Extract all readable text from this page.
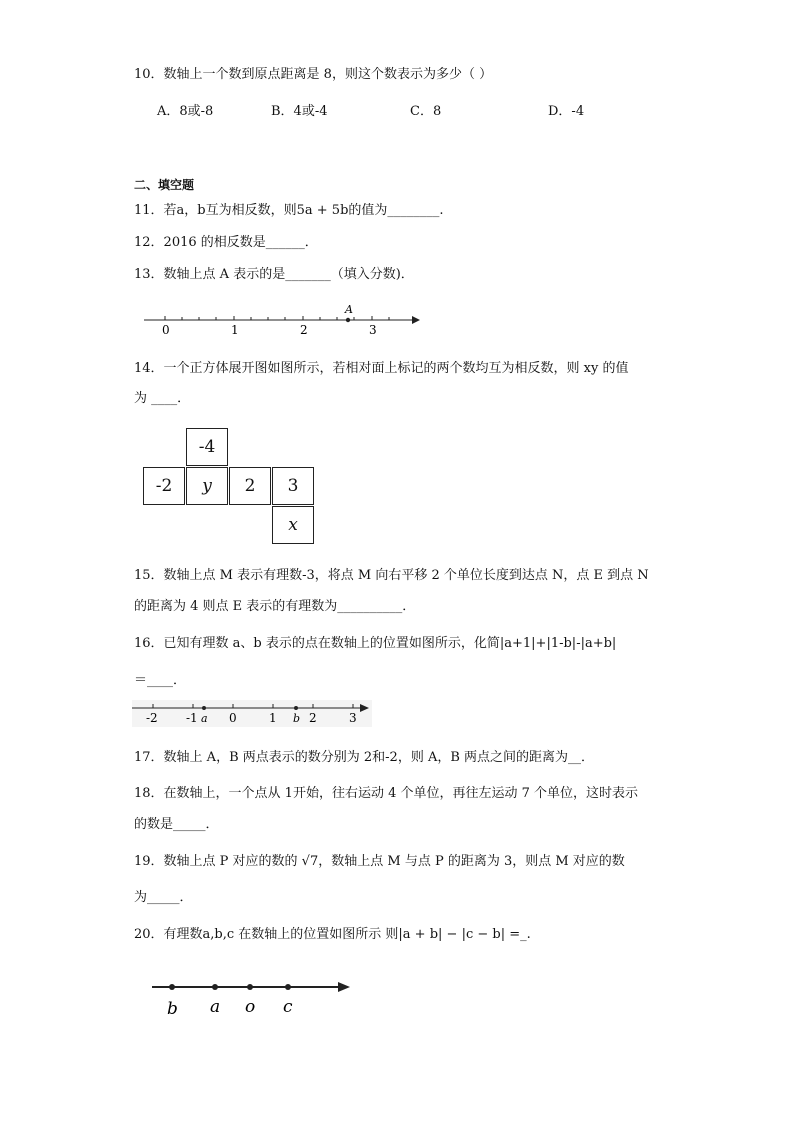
10．数轴上一个数到原点距离是 8，则这个数表示为多少（ ）
A．8或-8	B．4或-4	C．8	D．-4
二、填空题
11．若a，b互为相反数，则5a + 5b的值为________.
12．2016 的相反数是______．
13．数轴上点 A 表示的是_______（填入分数)．
A
0	1	2	3
14．一个正方体展开图如图所示，若相对面上标记的两个数均互为相反数，则 xy 的值
为 ____．
-4
-2	y	2	3
x
15．数轴上点 M 表示有理数-3，将点 M 向右平移 2 个单位长度到达点 N，点 E 到点 N
的距离为 4 则点 E 表示的有理数为__________．
16．已知有理数 a、b 表示的点在数轴上的位置如图所示，化简|a+1|+|1-b|-|a+b|
＝____．
-2 -1 a 0	1 b 2	3
17．数轴上 A，B 两点表示的数分别为 2和-2，则 A，B 两点之间的距离为__．
18．在数轴上，一个点从 1开始，往右运动 4 个单位，再往左运动 7 个单位，这时表示
的数是_____．
19．数轴上点 P 对应的数的 √7，数轴上点 M 与点 P 的距离为 3，则点 M 对应的数
为_____．
20．有理数a,b,c 在数轴上的位置如图所示 则|a + b| − |c − b| =_.
b a o c
